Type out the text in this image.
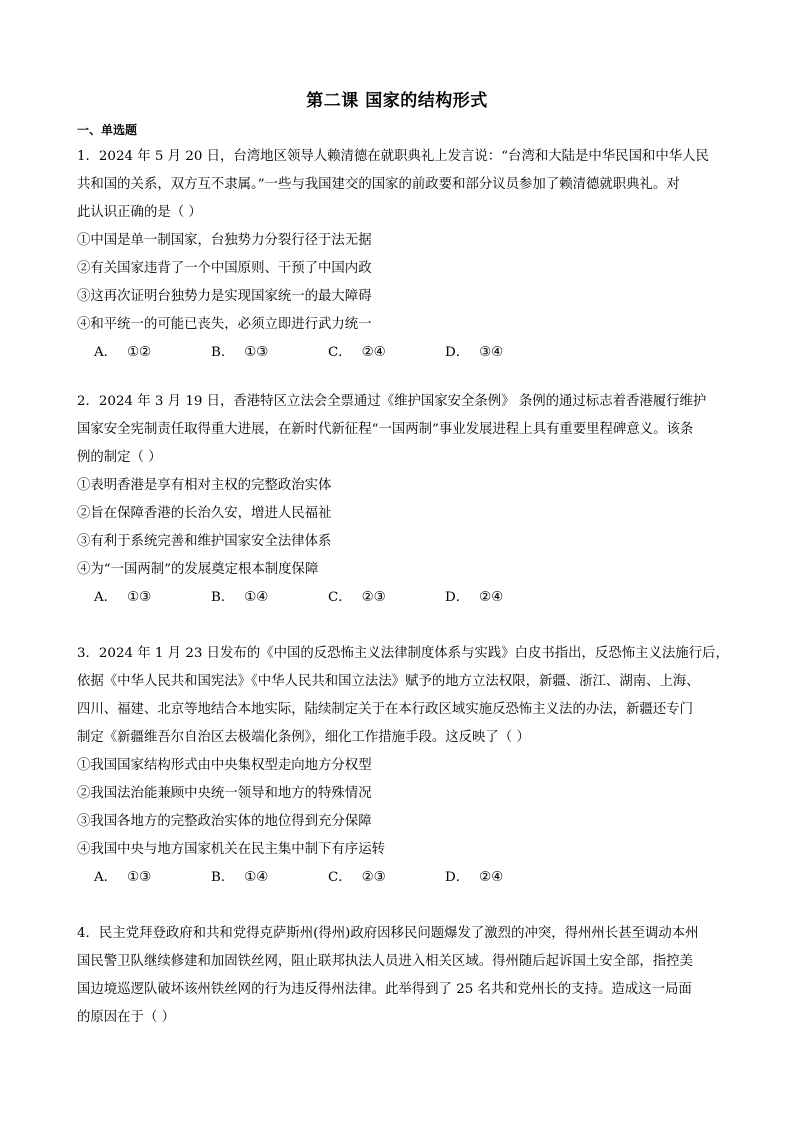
第二课 国家的结构形式
一、单选题
1．2024 年 5 月 20 日，台湾地区领导人赖清德在就职典礼上发言说：“台湾和大陆是中华民国和中华人民
共和国的关系，双方互不隶属。”一些与我国建交的国家的前政要和部分议员参加了赖清德就职典礼。对
此认识正确的是（ ）
①中国是单一制国家，台独势力分裂行径于法无据
②有关国家违背了一个中国原则、干预了中国内政
③这再次证明台独势力是实现国家统一的最大障碍
④和平统一的可能已丧失，必须立即进行武力统一
A． ①②	B． ①③	C． ②④	D． ③④
2．2024 年 3 月 19 日，香港特区立法会全票通过《维护国家安全条例》 条例的通过标志着香港履行维护
国家安全宪制责任取得重大进展，在新时代新征程“一国两制”事业发展进程上具有重要里程碑意义。该条
例的制定（ ）
①表明香港是享有相对主权的完整政治实体
②旨在保障香港的长治久安，增进人民福祉
③有利于系统完善和维护国家安全法律体系
④为“一国两制”的发展奠定根本制度保障
A． ①③	B． ①④	C． ②③	D． ②④
3．2024 年 1 月 23 日发布的《中国的反恐怖主义法律制度体系与实践》白皮书指出，反恐怖主义法施行后，
依据《中华人民共和国宪法》《中华人民共和国立法法》赋予的地方立法权限，新疆、浙江、湖南、上海、
四川、福建、北京等地结合本地实际，陆续制定关于在本行政区域实施反恐怖主义法的办法，新疆还专门
制定《新疆维吾尔自治区去极端化条例》，细化工作措施手段。这反映了（ ）
①我国国家结构形式由中央集权型走向地方分权型
②我国法治能兼顾中央统一领导和地方的特殊情况
③我国各地方的完整政治实体的地位得到充分保障
④我国中央与地方国家机关在民主集中制下有序运转
A． ①③	B． ①④	C． ②③	D． ②④
4．民主党拜登政府和共和党得克萨斯州(得州)政府因移民问题爆发了激烈的冲突，得州州长甚至调动本州
国民警卫队继续修建和加固铁丝网，阻止联邦执法人员进入相关区域。得州随后起诉国土安全部，指控美
国边境巡逻队破坏该州铁丝网的行为违反得州法律。此举得到了 25 名共和党州长的支持。造成这一局面
的原因在于（ ）
